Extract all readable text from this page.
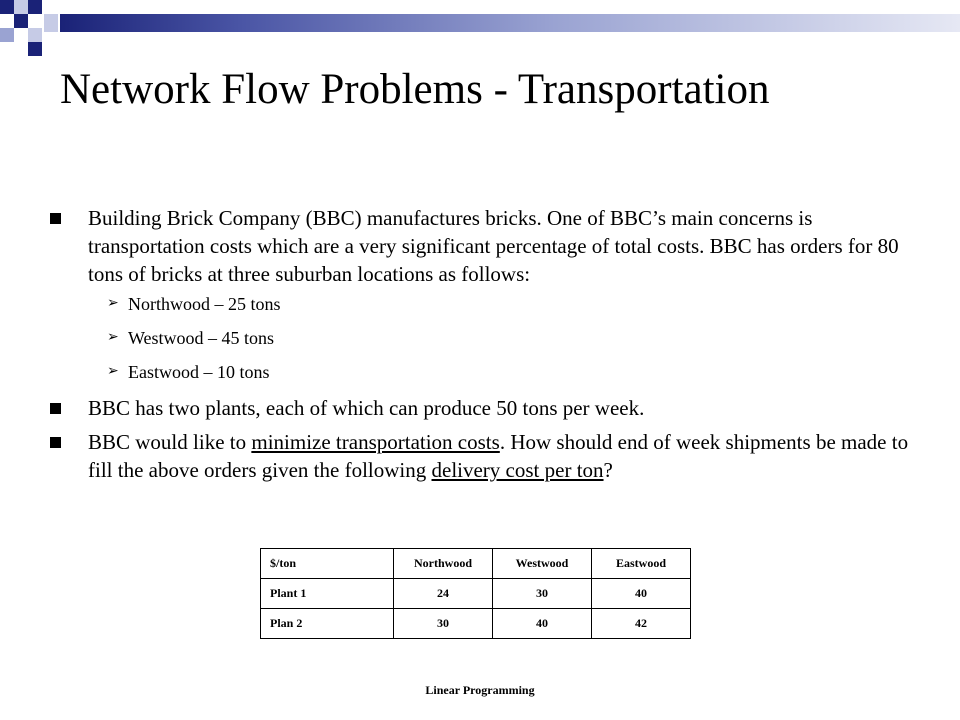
Network Flow Problems - Transportation

Building Brick Company (BBC) manufactures bricks. One of BBC’s main concerns is transportation costs which are a very significant percentage of total costs. BBC has orders for 80 tons of bricks at three suburban locations as follows:

➢ Northwood – 25 tons

➢ Westwood – 45 tons

➢ Eastwood – 10 tons

BBC has two plants, each of which can produce 50 tons per week.

BBC would like to minimize transportation costs. How should end of week shipments be made to fill the above orders given the following delivery cost per ton?

$/ton	Northwood	Westwood	Eastwood
Plant 1	24	30	40
Plan 2	30	40	42
Linear Programming
